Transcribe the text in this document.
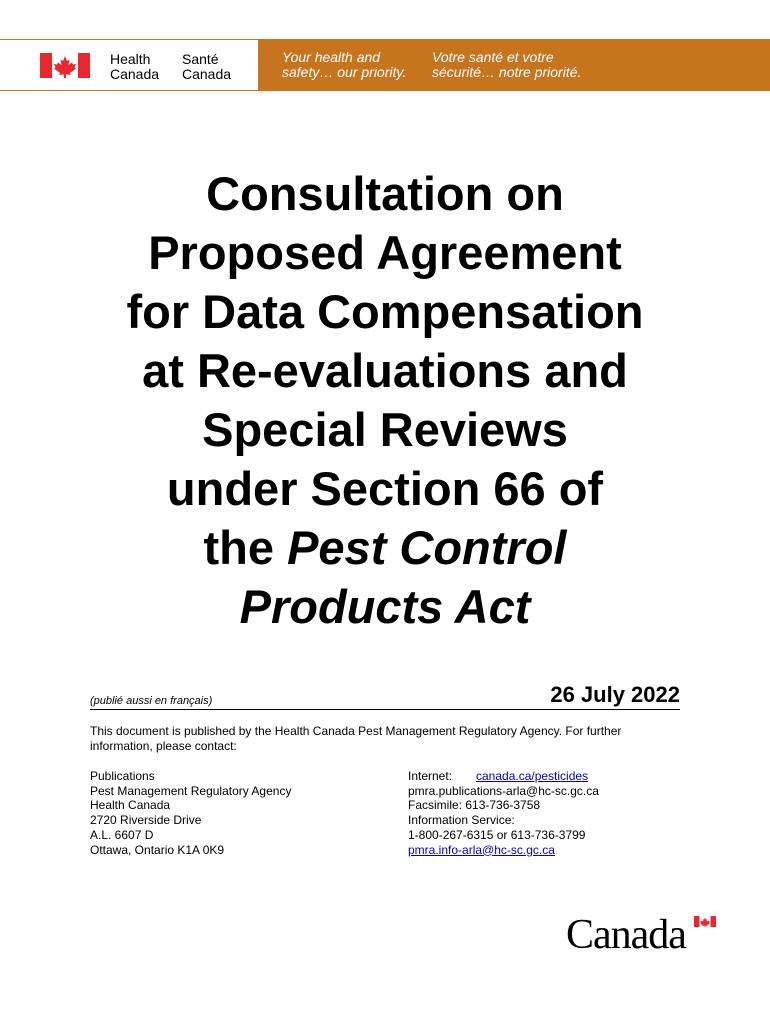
Health
Canada
Santé
Canada
Your health and
safety… our priority.
Votre santé et votre
sécurité… notre priorité.
Consultation on
Proposed Agreement
for Data Compensation
at Re-evaluations and
Special Reviews
under Section 66 of
the Pest Control
Products Act
(publié aussi en français)	26 July 2022

This document is published by the Health Canada Pest Management Regulatory Agency. For further information, please contact:

Publications
Pest Management Regulatory Agency
Health Canada
2720 Riverside Drive
A.L. 6607 D
Ottawa, Ontario K1A 0K9
Internet: canada.ca/pesticides
pmra.publications-arla@hc-sc.gc.ca
Facsimile: 613-736-3758
Information Service:
1-800-267-6315 or 613-736-3799
pmra.info-arla@hc-sc.gc.ca
Canada
